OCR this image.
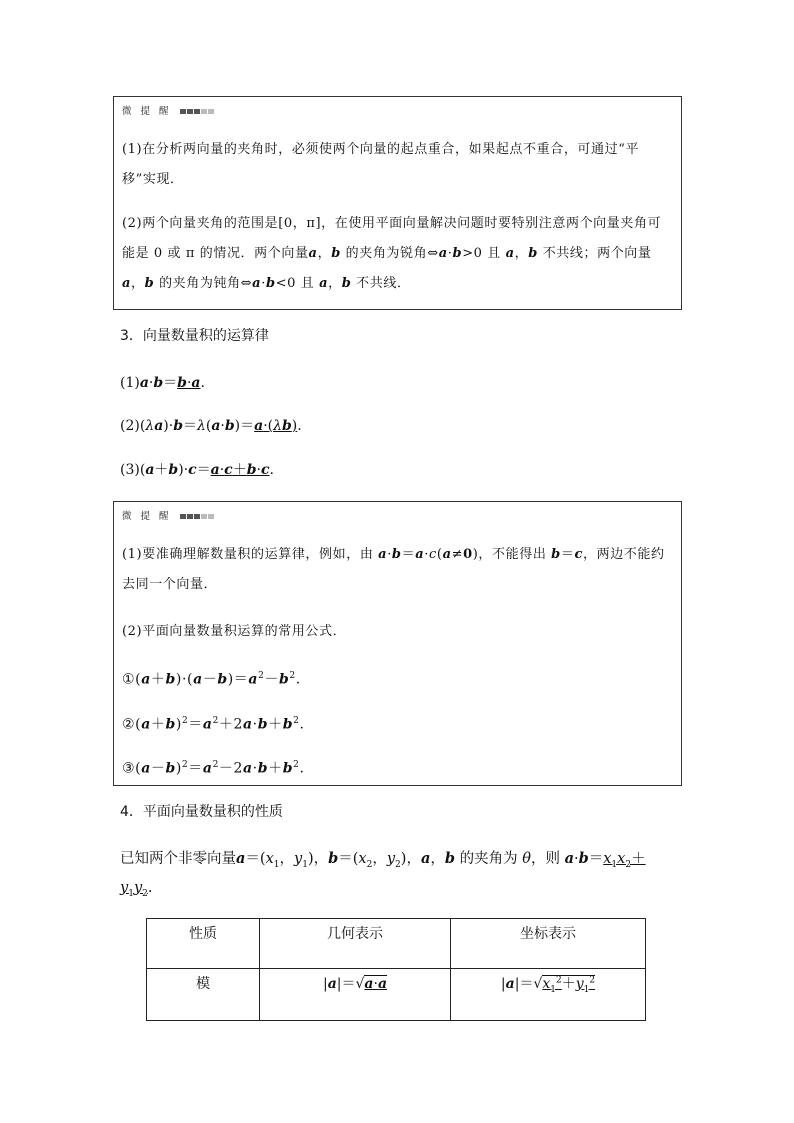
微 提 醒
(1)在分析两向量的夹角时，必须使两个向量的起点重合，如果起点不重合，可通过“平移”实现．
(2)两个向量夹角的范围是[0，π]，在使用平面向量解决问题时要特别注意两个向量夹角可能是 0 或 π 的情况．两个向量a，b 的夹角为锐角⇔a·b>0 且 a，b 不共线；两个向量a，b 的夹角为钝角⇔a·b<0 且 a，b 不共线．
3．向量数量积的运算律
(1)a·b＝b·a.
(2)(λa)·b＝λ(a·b)＝a·(λb).
(3)(a＋b)·c＝a·c＋b·c.
微 提 醒
(1)要准确理解数量积的运算律，例如，由 a·b＝a·c(a≠0)，不能得出 b＝c，两边不能约去同一个向量．
(2)平面向量数量积运算的常用公式．
$①(a+b)\cdot(a-b)=a^2-b^2$.
$②(a+b)^2=a^2+2a\cdot b+b^2$.
$③(a-b)^2=a^2-2a\cdot b+b^2$.
4．平面向量数量积的性质
已知两个非零向量$a=(x_1$，$y_1$)，$b=(x_2$，$y_2$)，a，b 的夹角为 θ，则 $a\cdot b=x_1x_2+$
$y_1y_2$.
性质	几何表示	坐标表示
模	|a|＝√a·a	$|a|=√x_1^2+y_1^2$
